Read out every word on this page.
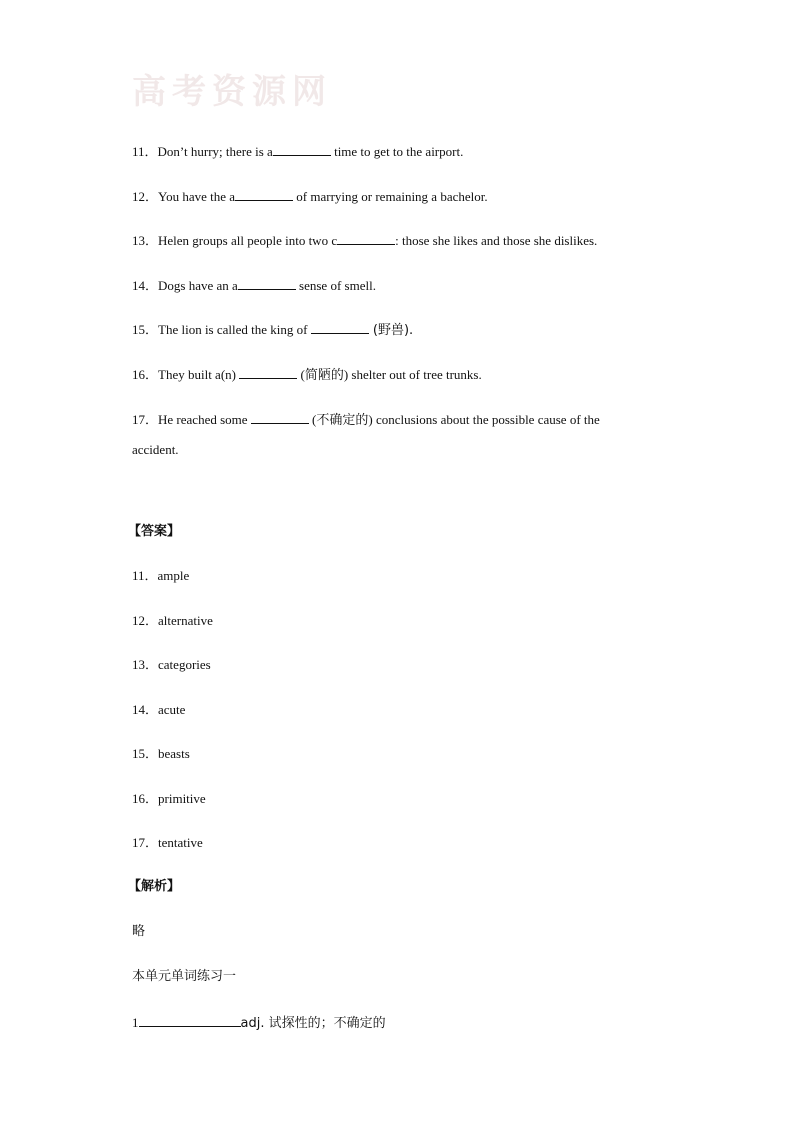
高考资源网
11．Don’t hurry; there is a	time to get to the airport.
12．You have the a	of marrying or remaining a bachelor.
13．Helen groups all people into two c	: those she likes and those she dislikes.
14．Dogs have an a	sense of smell.
15．The lion is called the king of	(野兽).
16．They built a(n)	(简陋的) shelter out of tree trunks.
17．He reached some	(不确定的) conclusions about the possible cause of the
accident.
【答案】
11．ample
12．alternative
13．categories
14．acute
15．beasts
16．primitive
17．tentative
【解析】
略
本单元单词练习一
1	adj. 试探性的；不确定的
